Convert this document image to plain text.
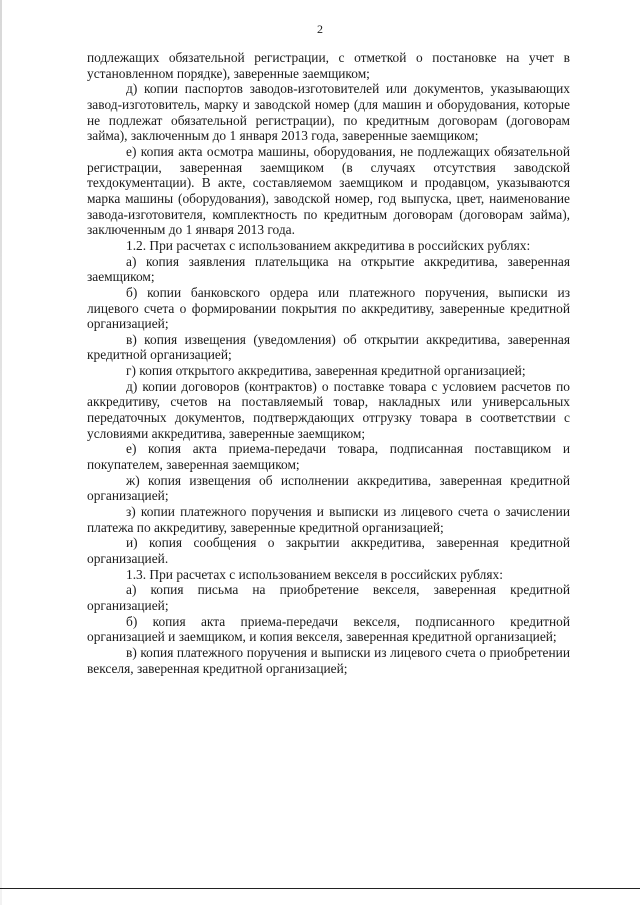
2

подлежащих обязательной регистрации, с отметкой о постановке на учет в установленном порядке), заверенные заемщиком;

д) копии паспортов заводов-изготовителей или документов, указывающих завод-изготовитель, марку и заводской номер (для машин и оборудования, которые не подлежат обязательной регистрации), по кредитным договорам (договорам займа), заключенным до 1 января 2013 года, заверенные заемщиком;

е) копия акта осмотра машины, оборудования, не подлежащих обязательной регистрации, заверенная заемщиком (в случаях отсутствия заводской техдокументации). В акте, составляемом заемщиком и продавцом, указываются марка машины (оборудования), заводской номер, год выпуска, цвет, наименование завода-изготовителя, комплектность по кредитным договорам (договорам займа), заключенным до 1 января 2013 года.

1.2. При расчетах с использованием аккредитива в российских рублях:

а) копия заявления плательщика на открытие аккредитива, заверенная заемщиком;

б) копии банковского ордера или платежного поручения, выписки из лицевого счета о формировании покрытия по аккредитиву, заверенные кредитной организацией;

в) копия извещения (уведомления) об открытии аккредитива, заверенная кредитной организацией;

г) копия открытого аккредитива, заверенная кредитной организацией;

д) копии договоров (контрактов) о поставке товара с условием расчетов по аккредитиву, счетов на поставляемый товар, накладных или универсальных передаточных документов, подтверждающих отгрузку товара в соответствии с условиями аккредитива, заверенные заемщиком;

е) копия акта приема-передачи товара, подписанная поставщиком и покупателем, заверенная заемщиком;

ж) копия извещения об исполнении аккредитива, заверенная кредитной организацией;

з) копии платежного поручения и выписки из лицевого счета о зачислении платежа по аккредитиву, заверенные кредитной организацией;

и) копия сообщения о закрытии аккредитива, заверенная кредитной организацией.

1.3. При расчетах с использованием векселя в российских рублях:

а) копия письма на приобретение векселя, заверенная кредитной организацией;

б) копия акта приема-передачи векселя, подписанного кредитной организацией и заемщиком, и копия векселя, заверенная кредитной организацией;

в) копия платежного поручения и выписки из лицевого счета о приобретении векселя, заверенная кредитной организацией;
